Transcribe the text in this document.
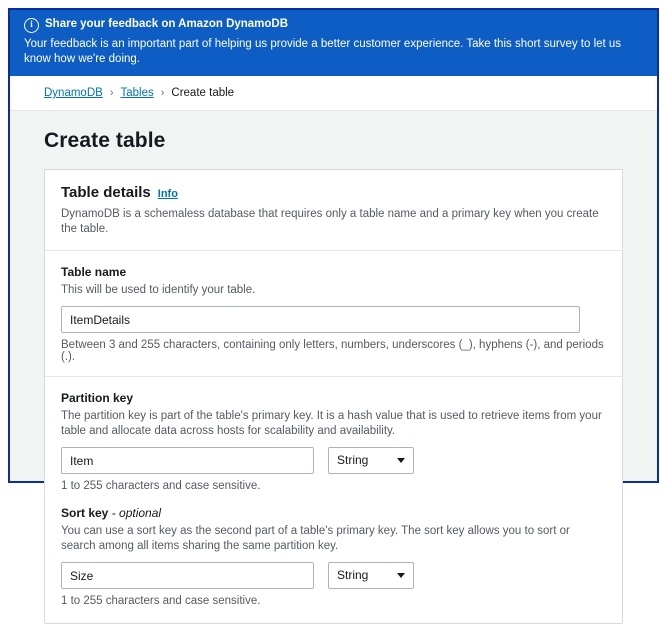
i	Share your feedback on Amazon DynamoDB
Your feedback is an important part of helping us provide a better customer experience. Take this short survey to let us know how we're doing.
DynamoDB › Tables › Create table
Create table
Table details Info
DynamoDB is a schemaless database that requires only a table name and a primary key when you create the table.
Table name
This will be used to identify your table.
ItemDetails
Between 3 and 255 characters, containing only letters, numbers, underscores (_), hyphens (-), and periods (.).
Partition key
The partition key is part of the table's primary key. It is a hash value that is used to retrieve items from your table and allocate data across hosts for scalability and availability.
Item
String
1 to 255 characters and case sensitive.
Sort key - optional
You can use a sort key as the second part of a table's primary key. The sort key allows you to sort or search among all items sharing the same partition key.
Size
String
1 to 255 characters and case sensitive.
